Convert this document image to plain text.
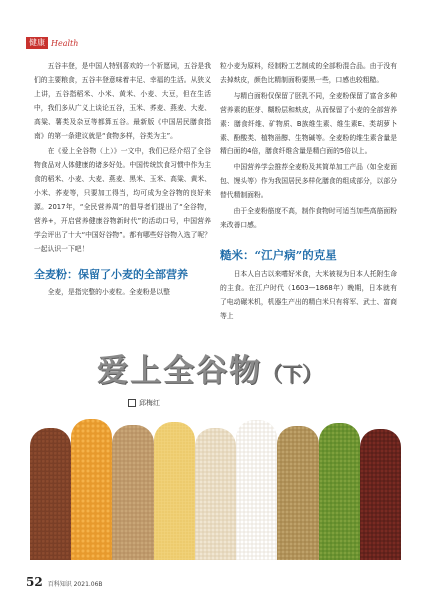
健康 Health

五谷丰登，是中国人特别喜欢的一个祈愿词，五谷是我们的主要粮食，五谷丰登意味着丰足、幸福的生活。从狭义上讲，五谷指稻米、小米、黄米、小麦、大豆，但在生活中，我们多从广义上谈论五谷，玉米、荞麦、燕麦、大麦、高粱、薯类及杂豆等都算五谷。最新版《中国居民膳食指南》的第一条建议就是“食物多样，谷类为主”。

在《爱上全谷物（上）》一文中，我们已经介绍了全谷物食品对人体健康的诸多好处。中国传统饮食习惯中作为主食的稻米、小麦、大麦、燕麦、黑米、玉米、高粱、黄米、小米、荞麦等，只要加工得当，均可成为全谷物的良好来源。2017年，“全民营养周”的倡导者们提出了“全谷物，营养+，开启营养健康谷物新时代”的活动口号，中国营养学会评出了十大“中国好谷物”。都有哪些好谷物入选了呢？一起认识一下吧！

全麦粉：保留了小麦的全部营养

全麦，是指完整的小麦粒。全麦粉是以整

粒小麦为原料，经制粉工艺制成的全部粉混合品。由于没有去掉麸皮，颜色比精制面粉要黑一些，口感也较粗糙。

与精白面粉仅保留了胚乳不同，全麦粉保留了富含多种营养素的胚芽、糊粉层和麸皮，从而保留了小麦的全部营养素：膳食纤维、矿物质、B族维生素、维生素E、类胡萝卜素、酚酸类、植物甾醇、生物碱等。全麦粉的维生素含量是精白面的4倍，膳食纤维含量是精白面的5倍以上。

中国营养学会推荐全麦粉及其简单加工产品（如全麦面包、馒头等）作为我国居民多样化膳食的组成部分，以部分替代精制面粉。

由于全麦粉筋度不高，制作食物时可适当加些高筋面粉来改善口感。

糙米：“江户病”的克星

日本人自古以来嗜好米食，大米被视为日本人托附生命的主食。在江户时代（1603—1868年）晚期，日本就有了电动碾米机，机器生产出的精白米只有将军、武士、富商等上

爱上全谷物（下）
邱梅红
52 百科知识 2021.06B
